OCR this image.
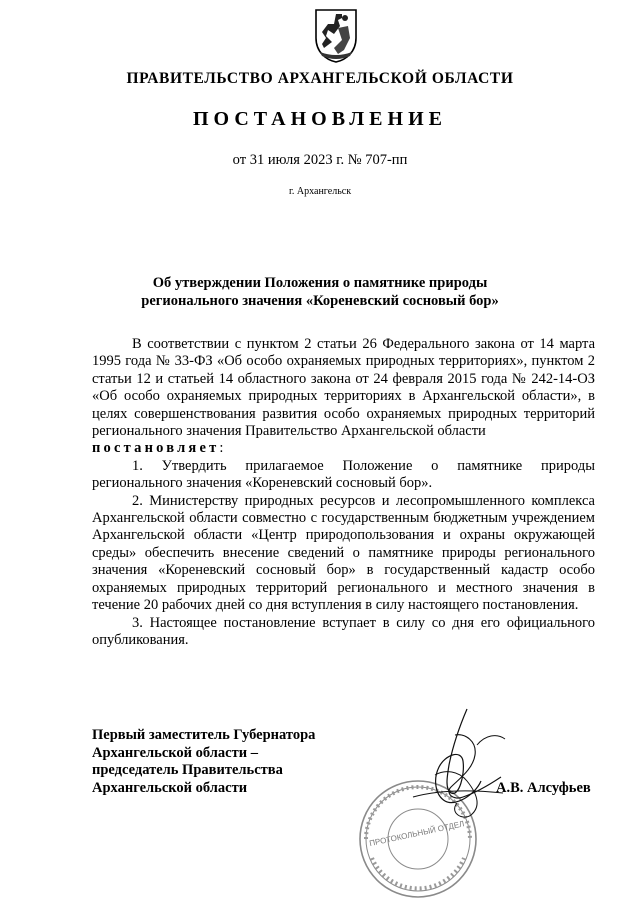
ПРАВИТЕЛЬСТВО АРХАНГЕЛЬСКОЙ ОБЛАСТИ
ПОСТАНОВЛЕНИЕ
от 31 июля 2023 г. № 707-пп
г. Архангельск
Об утверждении Положения о памятнике природы
регионального значения «Кореневский сосновый бор»

В соответствии с пунктом 2 статьи 26 Федерального закона от 14 марта 1995 года № 33-ФЗ «Об особо охраняемых природных территориях», пунктом 2 статьи 12 и статьей 14 областного закона от 24 февраля 2015 года № 242-14-ОЗ «Об особо охраняемых природных территориях в Архангельской области», в целях совершенствования развития особо охраняемых природных территорий регионального значения Правительство Архангельской области

постановляет:

1. Утвердить прилагаемое Положение о памятнике природы регионального значения «Кореневский сосновый бор».

2. Министерству природных ресурсов и лесопромышленного комплекса Архангельской области совместно с государственным бюджетным учреждением Архангельской области «Центр природопользования и охраны окружающей среды» обеспечить внесение сведений о памятнике природы регионального значения «Кореневский сосновый бор» в государственный кадастр особо охраняемых природных территорий регионального и местного значения в течение 20 рабочих дней со дня вступления в силу настоящего постановления.

3. Настоящее постановление вступает в силу со дня его официального опубликования.

Первый заместитель Губернатора
Архангельской области –
председатель Правительства
Архангельской области
ПРОТОКОЛЬНЫЙ ОТДЕЛ
А.В. Алсуфьев
